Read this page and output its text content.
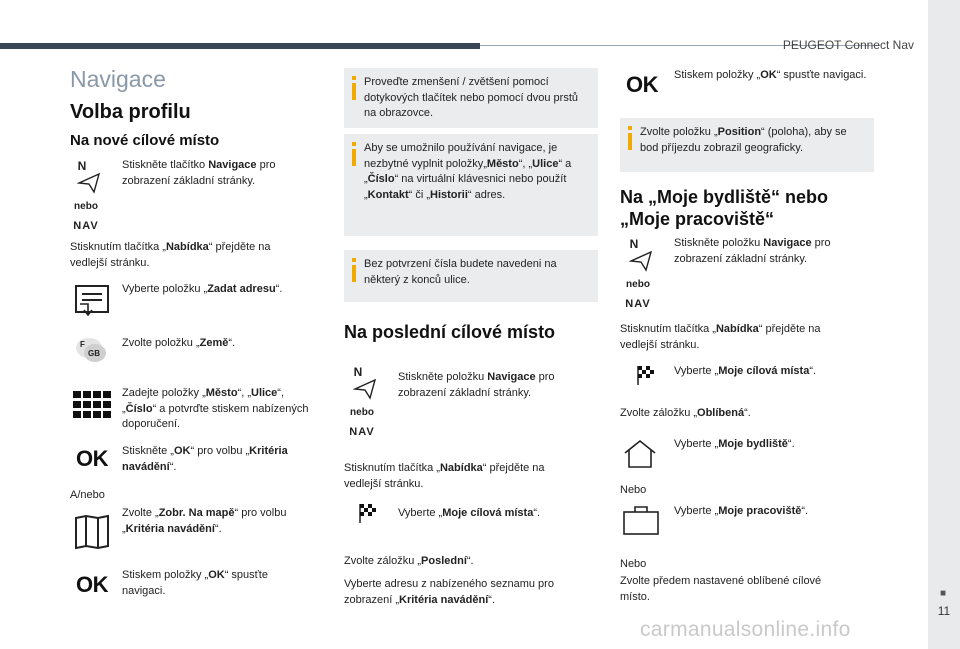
PEUGEOT Connect Nav
■
11
Navigace
Volba profilu
Na nové cílové místo
N
nebo
NAV
Stiskněte tlačítko Navigace pro zobrazení základní stránky.
Stisknutím tlačítka „Nabídka“ přejděte na vedlejší stránku.
Vyberte položku „Zadat adresu“.
F
GB
Zvolte položku „Země“.
Zadejte položky „Město“, „Ulice“, „Číslo“ a potvrďte stiskem nabízených doporučení.
OK Stiskněte „OK“ pro volbu „Kritéria navádění“.
A/nebo
Zvolte „Zobr. Na mapě“ pro volbu „Kritéria navádění“.
OK Stiskem položky „OK“ spusťte navigaci.
Proveďte zmenšení / zvětšení pomocí dotykových tlačítek nebo pomocí dvou prstů na obrazovce.
Aby se umožnilo používání navigace, je nezbytné vyplnit položky„Město“, „Ulice“ a „Číslo“ na virtuální klávesnici nebo použít „Kontakt“ či „Historii“ adres.
Bez potvrzení čísla budete navedeni na některý z konců ulice.
Na poslední cílové místo
N
nebo
NAV
Stiskněte položku Navigace pro zobrazení základní stránky.
Stisknutím tlačítka „Nabídka“ přejděte na vedlejší stránku.
Vyberte „Moje cílová místa“.
Zvolte záložku „Poslední“.
Vyberte adresu z nabízeného seznamu pro zobrazení „Kritéria navádění“.
OK Stiskem položky „OK“ spusťte navigaci.
Zvolte položku „Position“ (poloha), aby se bod příjezdu zobrazil geograficky.
Na „Moje bydliště“ nebo
„Moje pracoviště“
N
nebo
NAV
Stiskněte položku Navigace pro zobrazení základní stránky.
Stisknutím tlačítka „Nabídka“ přejděte na vedlejší stránku.
Vyberte „Moje cílová místa“.
Zvolte záložku „Oblíbená“.
Vyberte „Moje bydliště“.
Nebo
Vyberte „Moje pracoviště“.
Nebo
Zvolte předem nastavené oblíbené cílové místo.
carmanualsonline.info
